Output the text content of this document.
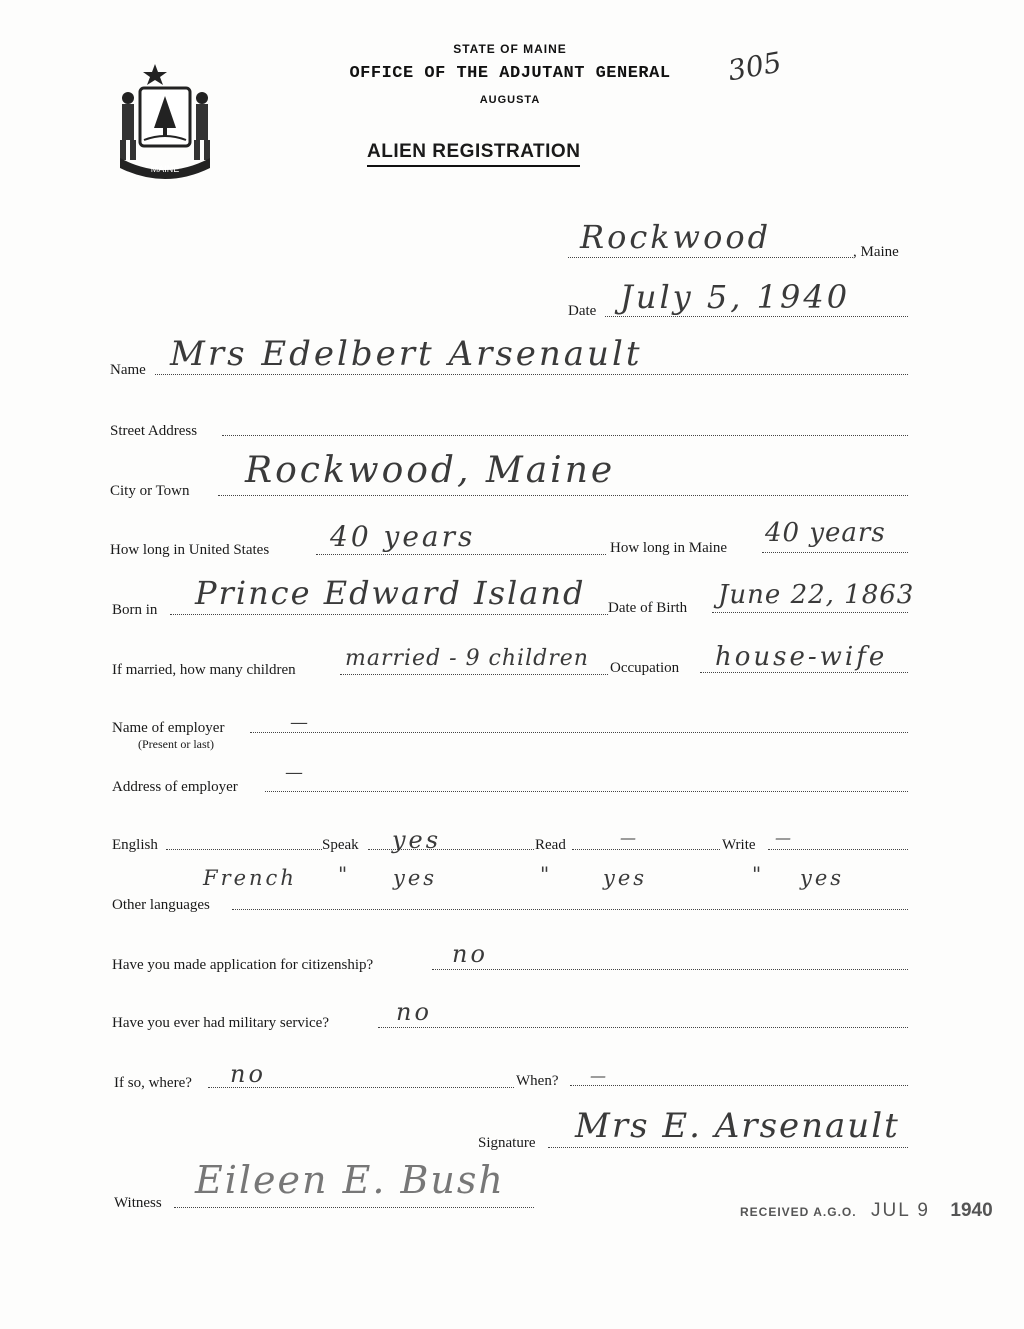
MAINE
STATE OF MAINE
OFFICE OF THE ADJUTANT GENERAL
AUGUSTA
ALIEN REGISTRATION
305
Rockwood	, Maine
Date July 5, 1940
Name Mrs Edelbert Arsenault
Street Address
City or Town Rockwood, Maine
How long in United States 40 years	How long in Maine 40 years
Born in Prince Edward Island Date of Birth June 22, 1863
If married, how many children married - 9 children Occupation house-wife
Name of employer
(Present or last)
—
Address of employer
—
English	Speak yes	Read	—	Write —
French " yes	" yes	" yes
Other languages
Have you made application for citizenship?	no
Have you ever had military service?	no
If so, where? no	When? —
Signature Mrs E. Arsenault
Witness
Eileen E. Bush
RECEIVED A.G.O. JUL 9 1940
